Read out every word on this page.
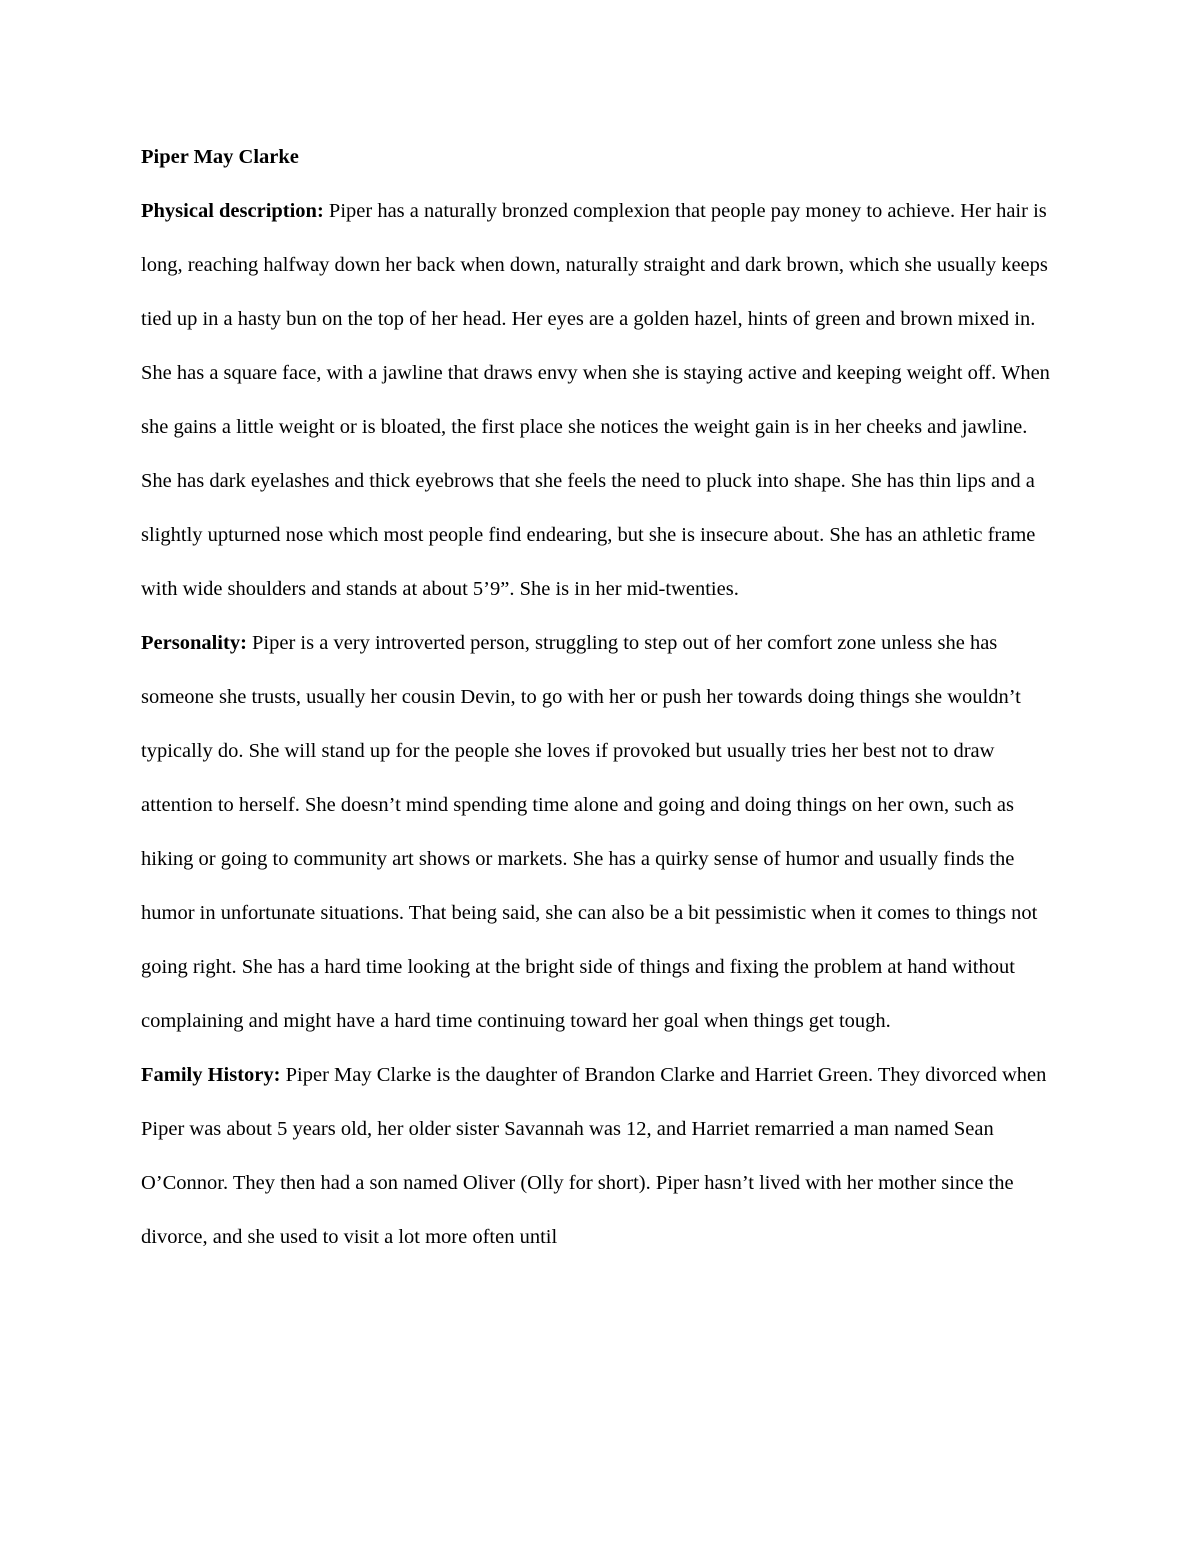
Piper May Clarke

Physical description: Piper has a naturally bronzed complexion that people pay money to achieve. Her hair is long, reaching halfway down her back when down, naturally straight and dark brown, which she usually keeps tied up in a hasty bun on the top of her head. Her eyes are a golden hazel, hints of green and brown mixed in. She has a square face, with a jawline that draws envy when she is staying active and keeping weight off. When she gains a little weight or is bloated, the first place she notices the weight gain is in her cheeks and jawline. She has dark eyelashes and thick eyebrows that she feels the need to pluck into shape. She has thin lips and a slightly upturned nose which most people find endearing, but she is insecure about. She has an athletic frame with wide shoulders and stands at about 5’9”. She is in her mid-twenties.

Personality: Piper is a very introverted person, struggling to step out of her comfort zone unless she has someone she trusts, usually her cousin Devin, to go with her or push her towards doing things she wouldn’t typically do. She will stand up for the people she loves if provoked but usually tries her best not to draw attention to herself. She doesn’t mind spending time alone and going and doing things on her own, such as hiking or going to community art shows or markets. She has a quirky sense of humor and usually finds the humor in unfortunate situations. That being said, she can also be a bit pessimistic when it comes to things not going right. She has a hard time looking at the bright side of things and fixing the problem at hand without complaining and might have a hard time continuing toward her goal when things get tough.

Family History: Piper May Clarke is the daughter of Brandon Clarke and Harriet Green. They divorced when Piper was about 5 years old, her older sister Savannah was 12, and Harriet remarried a man named Sean O’Connor. They then had a son named Oliver (Olly for short). Piper hasn’t lived with her mother since the divorce, and she used to visit a lot more often until
